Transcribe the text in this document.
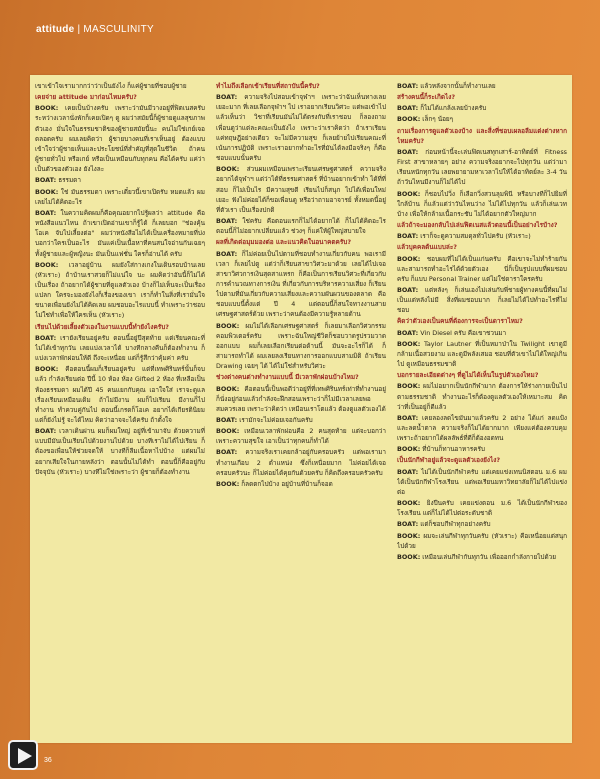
attitude | MASCULINITY

เขาเข้าใจเรามากกว่าว่าเป็นยังไง ก็แค่ผู้ชายที่ชอบผู้ชาย

เคยจ่าย attitude มาก่อนไหมครับ?

BOOK: เคยเป็นบ้างครับ เพราะว่ามันมีวางอยู่ที่ฟิตเนสครับ ระหว่างเวลานั่งพักก็เคยเปิดๆ ดู ผมว่าสมัยนี้ก็ผู้ชายดูแลสุขภาพตัวเอง มั่นใจในธรรมชาติของผู้ชายสมัยนี้นะ คนไม่ใช่เกย์เจอตลอดครับ ผมเลยคิดว่า ผู้ชายบางคนที่เราเห็นอยู่ ต้องแบบเข้าใจว่าผู้ชายเห็นและประโยชน์ที่สำคัญที่สุดในชีวิต ถ้าคนผู้ชายทั่วไป หรือเกย์ หรือเป็นเหมือนกับทุกคน คือได้ครับ แค่ว่าเป็นตัวของตัวเอง ยังไงละ

BOAT: ธรรมดา

BOOK: ใช่ มันธรรมดา เพราะเดี๋ยวนี้เขาเปิดรับ หมดแล้ว ผมเลยไม่ได้คิดอะไร

BOAT: ในความคิดผมก็คือคุณอยากไปรู้ผลว่า attitude คือหนังสือแนวไหน ถ้าเขาเปิดอ่านเขาก็รู้ได้ ก็เลยบอก "ช่องคุ้น โอเค จับไปเลี้ยงต่อ" ผมว่าหนังสือไม่ได้เป็นเครื่องหมายที่บ่งบอกว่าใครเป็นอะไร มันแค่เป็นเนื้อหาที่คนสนใจอ่านกันเฉยๆ ทั้งผู้ชายและผู้หญิงนะ มันเป็นแฟชั่น ใครก็อ่านได้ ครับ

BOOK: เวลาอยู่บ้าน ผมยังใส่กางเกงในเดินรอบบ้านเลย (หัวเราะ) ถ้าบ้านเราสวยก็ไม่แน่ใจ นะ ผมคิดว่าอันนี้ก็ไม่ได้เป็นเรื่อง ถ้าอยากได้ผู้ชายที่ดูแลตัวเอง บ้างก็ไม่เห็นจะเป็นเรื่องแปลก ใครจะมองยังไงก็เรื่องของเขา เราก็ทำในสิ่งที่เรามั่นใจ ขนาดเพื่อนยังไม่ได้คิดเลย ผมชอบอะไรแบบนี้ ทำเพราะว่าชอบ ไม่ใช่ทำเพื่อให้ใครเห็น (หัวเราะ)

เรียนไปด้วยเลี้ยงตัวเองในงานแบบนี้ทำยังไงครับ?

BOAT: เรายังเรียนอยู่ครับ ตอนนี้อยู่ปีสุดท้าย แต่เรียนคณะที่ไม่ได้เข้าทุกวัน เลยแบ่งเวลาได้ บางทีกลางคืนก็ต้องทำงาน ก็แบ่งเวลาพักผ่อนให้ดี ถึงจะเหนื่อย แต่ก็รู้สึกว่าคุ้มค่า ครับ

BOOK: คือตอนนี้ผมก็เรียนอยู่ครับ แต่ที่เทพศิรินทร์นั้นก็จบแล้ว กำลังเรียนต่อ ปีนี้ 10 ห้อง ห้อง Gifted 2 ห้อง ที่เหลือเป็นห้องธรรมดา ผมได้ปี 45 คนแยกกับคุณ เอาใจใส่ เราจะดูแลเรื่องเรียนเหมือนเดิม ถ้าไม่มีงาน ผมก็ไปเรียน มีงานก็ไปทำงาน ทำควบคู่กันไป ตอนนี้เกรดก็โอเค อยากได้เกียรตินิยมแต่ก็ยังไม่รู้ จะได้ไหม คิดว่าอาจจะได้ครับ ถ้าตั้งใจ

BOAT: เวลาเดินผ่าน ผมก็ผมใหญ่ อยู่ที่เข้ามาจับ ด้วยความที่แบบมีมันเป็นเรียนไปด้วยงานไปด้วย บางทีเราไม่ได้ไปเรียน ก็ต้องขอเพื่อนให้ช่วยจดให้ บางทีก็ลืมเนื้อหาไปบ้าง แต่ผมไม่อยากเสียใจในภายหลังว่า ตอนนั้นไม่ได้ทำ ตอนนี้ก็คืออยู่กับปัจจุบัน (หัวเราะ) บางทีไม่ใช่เพราะว่า ผู้ชายก็ต้องทำงาน

ทำไมถึงเลือกเข้าเรียนที่สถาบันนี้ครับ?

BOAT: ความจริงไปสอบเข้าจุฬาฯ เพราะว่าฉันเห็นทางเลยเยอะมาก ที่เลยเลือกจุฬาฯ ไป เราอยากเรียนวิศวะ แต่พอเข้าไปแล้วเห็นว่า วิชาที่เรียนมันไม่ได้ตรงกับที่เราชอบ ก็ลองถามเพื่อนดูว่าแต่ละคณะเป็นยังไง เพราะว่าเราคิดว่า ถ้าเราเรียนแค่ทฤษฎีอย่างเดียว จะไม่มีความสุข ก็เลยย้ายไปเรียนคณะที่เน้นการปฏิบัติ เพราะเราอยากทำอะไรที่มันได้ลงมือจริงๆ ก็คือชอบแบบนั้นครับ

BOOK: ส่วนผมเหมือนเพราะเรียนเศรษฐศาสตร์ ความจริงอยากได้จุฬาฯ แต่ว่าได้ที่ธรรมศาสตร์ ที่บ้านอยากเข้าทำ ได้ที่ที่สอบ ก็ไม่เป็นไร มีความสุขดี เรียนไปก็สนุก ไปได้เพื่อนใหม่เยอะ ฟังไม่ค่อยได้ก็ขอเพื่อนดู หรือว่าถามอาจารย์ ทั้งหมดนี้อยู่ที่ตัวเรา เป็นเรื่องปกติ

BOAT: ใช่ครับ คือตอนแรกก็ไม่ได้อยากได้ ก็ไม่ได้คิดอะไร ตอนนี้ก็ไม่อยากเปลี่ยนแล้ว ช่วงๆ ก็แค่ให้ผู้ใหญ่สบายใจ

ผลที่เกิดต่อมุมมองต่อ และแนวคิดในอนาคตครับ?

BOAT: ก็ไม่ค่อยเป็นไปตามที่ชอบทำงานเกี่ยวกับคน พอเรามีเวลา ก็เลยไปดู แต่ว่าก็เรียนสาขาวิศวะมาด้วย เลยได้ไปเจอสาขาวิศวการเงินสุดสาแหรก ก็คือเป็นการเรียนวิศวะที่เกี่ยวกับการคำนวณทางการเงิน ที่เกี่ยวกับการบริหารความเสี่ยง ก็เรียนไปตามที่มันเกี่ยวกับความเสี่ยงและความผันผวนของตลาด คือชอบแบบนี้ตั้งแต่ ปี 4 แต่ตอนนี้ก็สนใจทางงานสายเศรษฐศาสตร์ด้วย เพราะว่าคนต้องมีความรู้หลายด้าน

BOOK: ผมไม่ได้เลือกเศรษฐศาสตร์ ก็เลยมาเลือกวิศวกรรมคอมพิวเตอร์ครับ เพราะฉันใหญ่ชีวิตก็ชอบวาดรูปรวมวาดออกแบบ ผมก็เลยเลือกเรียนต่อด้านนี้ มันจะอะไรก็ได้ ก็สามารถทำได้ ผมเลยลงเรียนทางการออกแบบสามมิติ ถ้าเรียน Drawing เฉยๆ ได้ ได้ไม่ใช่สำหรับวิศวะ

ช่วงต่างคนต่างทำงานแบบนี้ มีเวลาพักผ่อนบ้างไหม?

BOOK: คือตอนนี้เป็นพอดีว่าอยู่ที่ที่เทพศิรินทร์เท่าที่ทำงานอยู่ก็นั่งอยู่ก่อนแล้วกำลังจะฝึกสอนเพราะว่าก็ไม่มีเวลาเลยพอสมควรเลย เพราะว่าคิดว่า เหมือนเราโตแล้ว ต้องดูแลตัวเองได้

BOAT: เรามักจะไม่ค่อยเจอกันครับ

BOOK: เหมือนเวลาพักผ่อนคือ 2 คนสุดท้าย แต่จะบอกว่าเพราะความสุขใจ เอาเป็นว่าทุกคนก็ทำได้

BOAT: ความจริงเราเคยกล้าอยู่กับครอบครัว แต่พอเรามาทำงานเกือบ 2 ตำแหน่ง ซึ่งก็เหนื่อยมาก ไม่ค่อยได้เจอครอบครัวนะ ก็ไม่ค่อยได้คุยกันด้วยครับ ก็คิดถึงครอบครัวครับ

BOOK: ก็ลดตกไปบ้าง อยู่บ้านที่บ้านก็จอด

BOAT: แล้วหลังจากนั้นก็ทำงานเลย

สร้างคนนี้ก็ระเกิดไง?

BOAT: ก็ไม่ได้แกล้งเลยบ้างครับ

BOOK: เล็กๆ น้อยๆ

ถามเรื่องการดูแลตัวเองบ้าง และสิ่งที่ชอบเผลอลืมแต่งต่างหากไหมครับ?

BOAT: ก่อนหน้านี้จะเล่นฟิตเนสทุกเสาร์-อาทิตย์ที่ Fitness First สาขาหลายๆ อย่าง ความจริงอยากจะไปทุกวัน แต่ว่ามาเรียนหนักทุกวัน เลยพยายามหาเวลาไปให้ได้อาทิตย์ละ 3-4 วัน ถ้าวันไหนมีงานก็ไม่ได้ไป

BOOK: ก็ชอบไปวิ่ง ก็เลือกวิ่งสวนลุมพินี หรือบางทีก็ไปยิมที่ใกล้บ้าน ก็แล้วแต่ว่าวันไหนว่าง ไม่ได้ไปทุกวัน แล้วก็เล่นเวทบ้าง เพื่อให้กล้ามเนื้อกระชับ ไม่ได้อยากตัวใหญ่มาก

แล้วถ้าจะมองกลับไปเล่นฟิตเนสแล้วตอนนี้เป็นอย่างไรบ้าง?

BOAT: เราก็จะดูความสมดุลทั่วไปครับ (หัวเราะ)

แล้วบุคคลต้นแบบล่ะ?

BOOK: ชอบผมที่ไม่ได้เป็นแก่นครับ คือเขาจะไม่ทำร้ายกัน และสามารถทำอะไรได้ด้วยตัวเอง นี่ก็เป็นรูปแบบที่ผมชอบ ครับ ก็แบบ Personal Trainer แต่ไม่ใช่ดาราใครครับ

BOAT: แต่หลังๆ ก็เล่นเองไม่เล่นกับพี่ชายผู้ทางคนนี้ที่ผมไม่เป็นแต่หลังไม่มี สิ่งที่ผมชอบมาก ก็เลยไม่ได้ไปทำอะไรที่ไม่ชอบ

คิดว่าตัวเองเป็นคนที่ต้องการจะเป็นดาราไหม?

BOAT: Vin Diesel ครับ คือเขาชวนมา

BOOK: Taylor Lautner ที่เป็นหมาป่าใน Twilight เขาดูมีกล้ามเนื้อสวยงาม และดูมีพลังเสมอ ชอบที่ตัวเขาไม่ได้ใหญ่เกินไป ดูเหมือนธรรมชาติ

บอกรายละเอียดต่างๆ ที่ดูไม่ได้เห็นในรูปตัวเองไหม?

BOOK: ผมไม่อยากเป็นนักกีฬามาก ต้องการให้ร่างกายเป็นไปตามธรรมชาติ ทำงานอะไรก็ต้องดูแลตัวเองให้เหมาะสม คิดว่าที่เป็นอยู่ก็ดีแล้ว

BOAT: เคยลองลดไขมันมาแล้วครับ 2 อย่าง ได้แก่ ลดแป้ง และลดน้ำตาล ความจริงก็ไม่ได้ยากมาก เพียงแค่ต้องควบคุม เพราะถ้าอยากได้ผลลัพธ์ที่ดีก็ต้องอดทน

BOOK: ที่บ้านก็ทานอาหารครับ

เป็นนักกีฬาอยู่แล้วจะดูแลตัวเองยังไง?

BOAT: ไม่ได้เป็นนักกีฬาครับ แต่เคยแข่งเทนนิสตอน ม.6 ผมได้เป็นนักกีฬาโรงเรียน แต่พอเรียนมหาวิทยาลัยก็ไม่ได้ไปแข่งต่อ

BOOK: ยิงปืนครับ เคยแข่งตอน ม.6 ได้เป็นนักกีฬาของโรงเรียน แต่ก็ไม่ได้ไปต่อระดับชาติ

BOAT: แต่ก็ชอบกีฬาทุกอย่างครับ

BOOK: ผมจะเล่นกีฬาทุกวันครับ (หัวเราะ) คือเหนื่อยแต่สนุกไปด้วย

BOOK: เหมือนเล่นกีฬากันทุกวัน เพื่อออกกำลังกายไปด้วย

36
